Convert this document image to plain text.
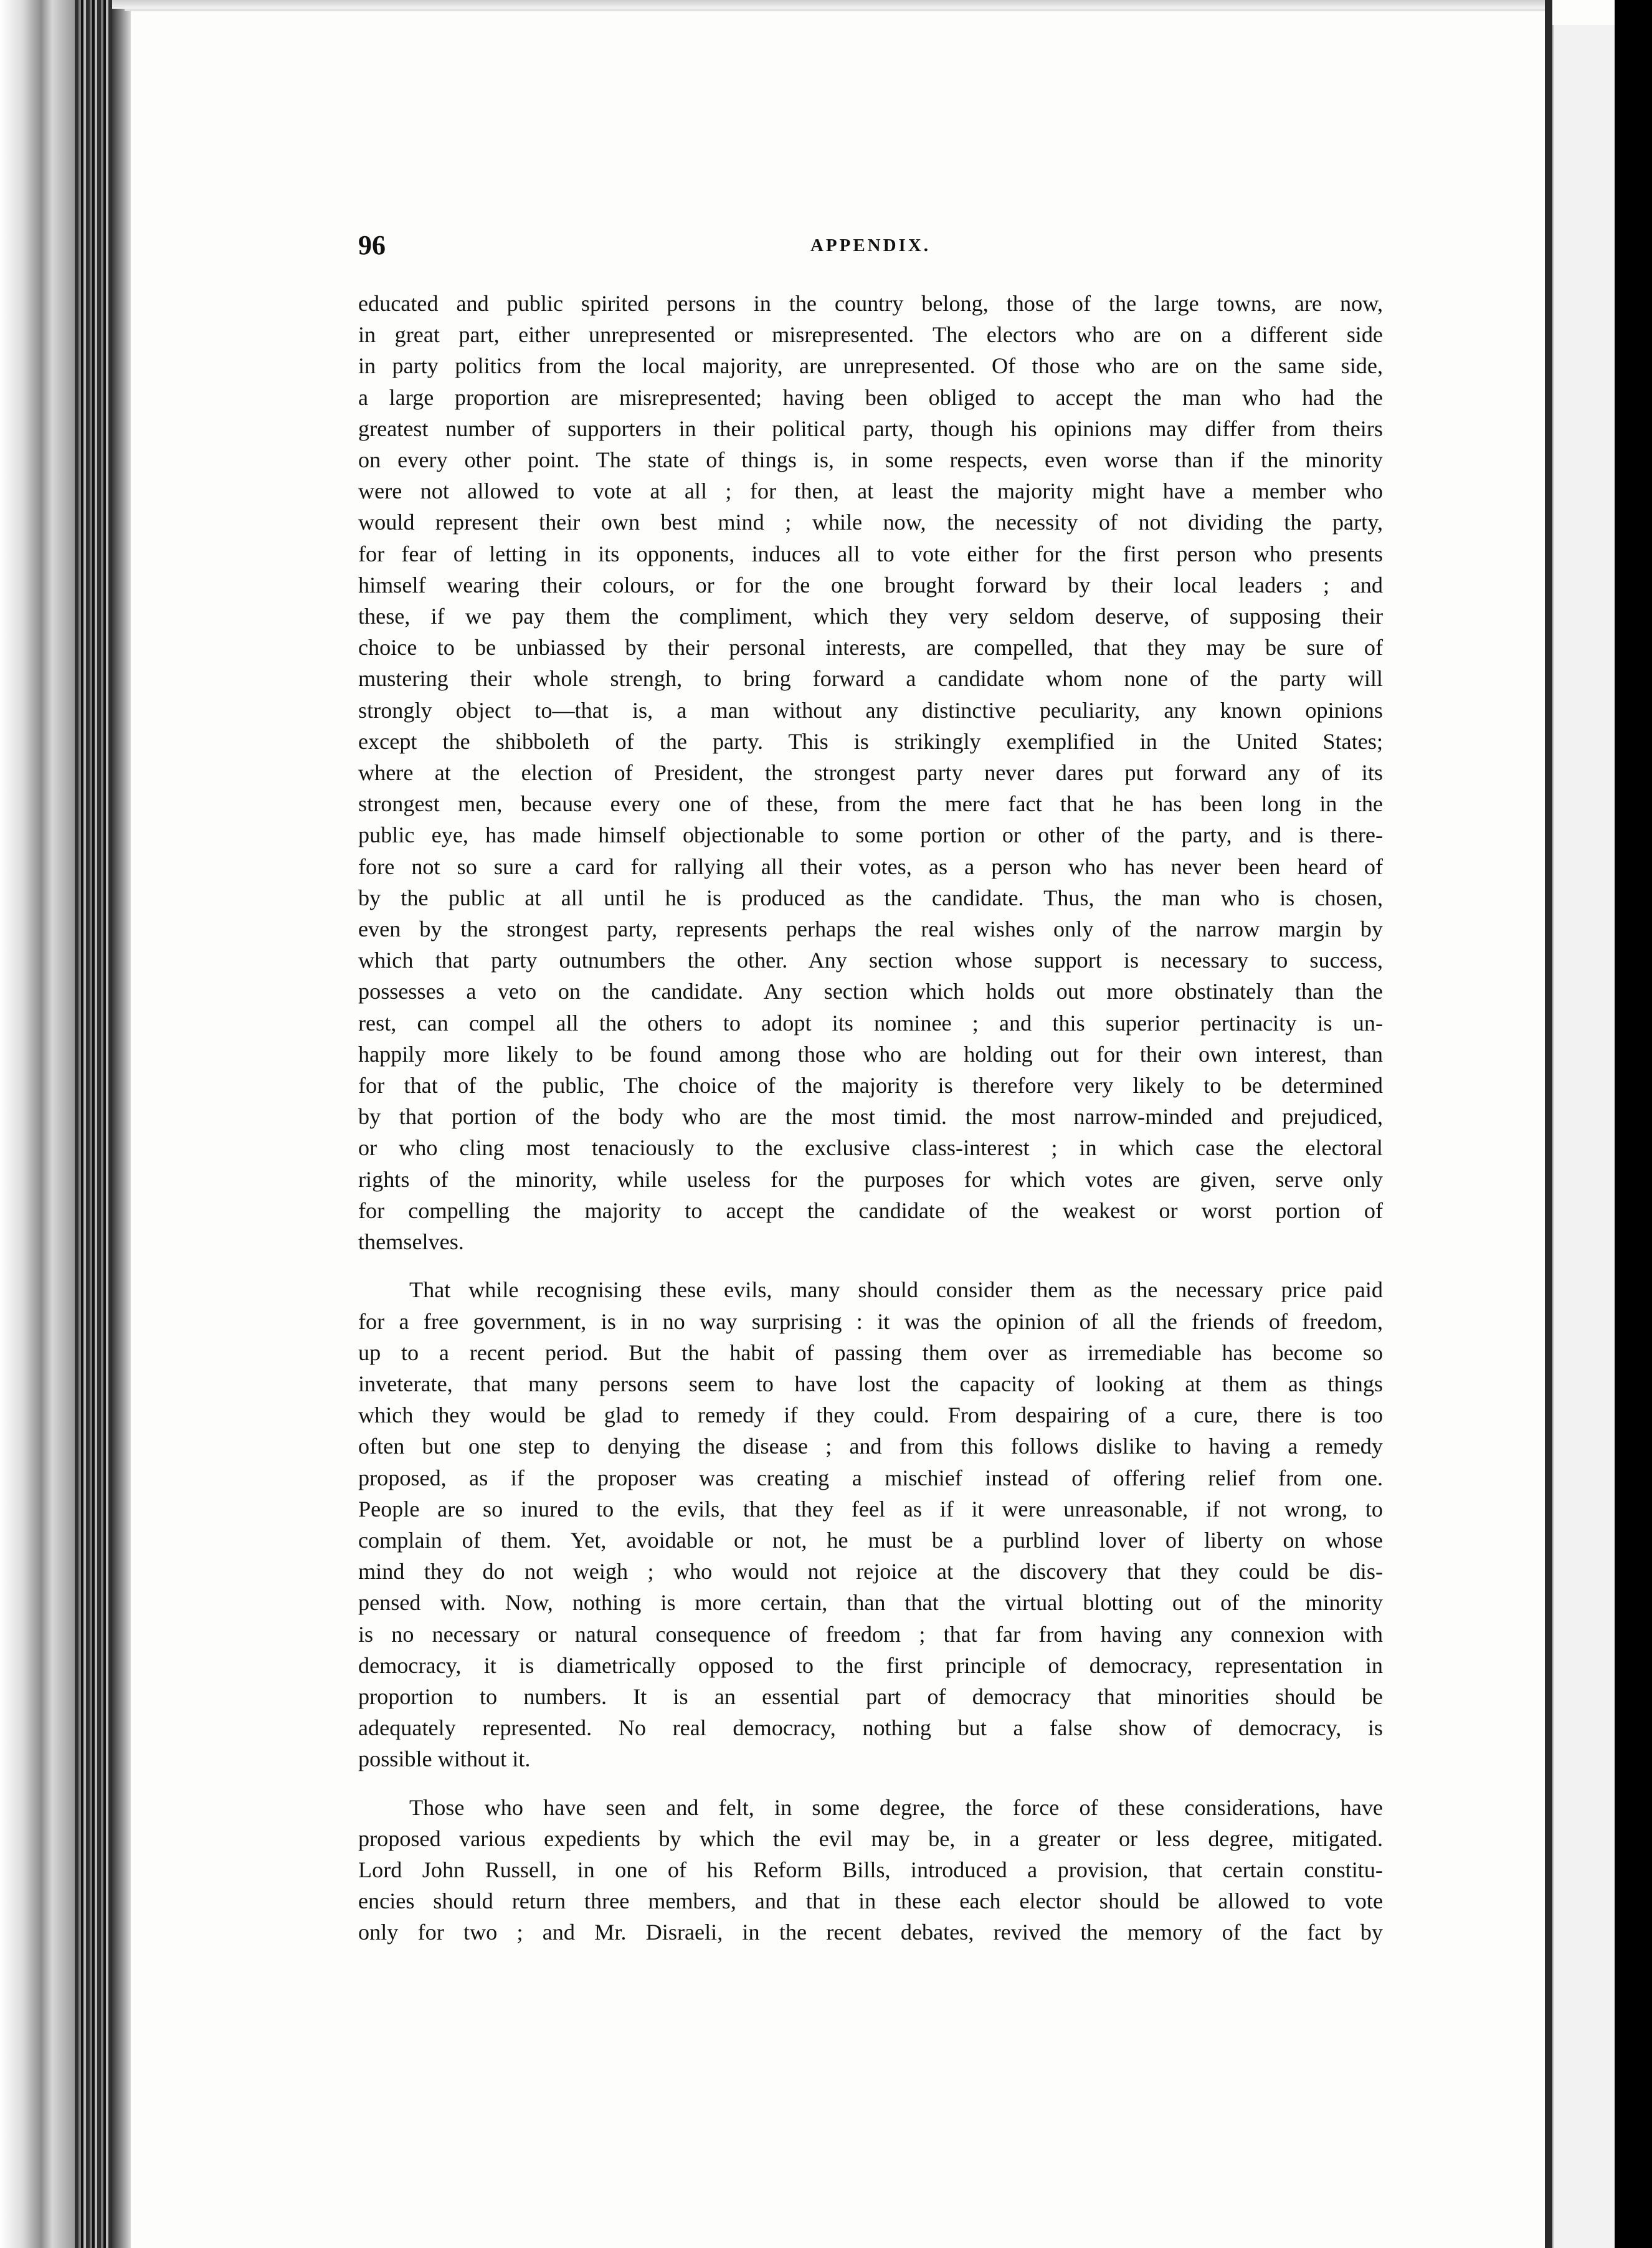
96	APPENDIX.
educated and public spirited persons in the country belong, those of the large towns, are now,
in great part, either unrepresented or misrepresented. The electors who are on a different side
in party politics from the local majority, are unrepresented. Of those who are on the same side,
a large proportion are misrepresented; having been obliged to accept the man who had the
greatest number of supporters in their political party, though his opinions may differ from theirs
on every other point. The state of things is, in some respects, even worse than if the minority
were not allowed to vote at all ; for then, at least the majority might have a member who
would represent their own best mind ; while now, the necessity of not dividing the party,
for fear of letting in its opponents, induces all to vote either for the first person who presents
himself wearing their colours, or for the one brought forward by their local leaders ; and
these, if we pay them the compliment, which they very seldom deserve, of supposing their
choice to be unbiassed by their personal interests, are compelled, that they may be sure of
mustering their whole strengh, to bring forward a candidate whom none of the party will
strongly object to—that is, a man without any distinctive peculiarity, any known opinions
except the shibboleth of the party. This is strikingly exemplified in the United States;
where at the election of President, the strongest party never dares put forward any of its
strongest men, because every one of these, from the mere fact that he has been long in the
public eye, has made himself objectionable to some portion or other of the party, and is there-
fore not so sure a card for rallying all their votes, as a person who has never been heard of
by the public at all until he is produced as the candidate. Thus, the man who is chosen,
even by the strongest party, represents perhaps the real wishes only of the narrow margin by
which that party outnumbers the other. Any section whose support is necessary to success,
possesses a veto on the candidate. Any section which holds out more obstinately than the
rest, can compel all the others to adopt its nominee ; and this superior pertinacity is un-
happily more likely to be found among those who are holding out for their own interest, than
for that of the public, The choice of the majority is therefore very likely to be determined
by that portion of the body who are the most timid. the most narrow-minded and prejudiced,
or who cling most tenaciously to the exclusive class-interest ; in which case the electoral
rights of the minority, while useless for the purposes for which votes are given, serve only
for compelling the majority to accept the candidate of the weakest or worst portion of
themselves.
That while recognising these evils, many should consider them as the necessary price paid
for a free government, is in no way surprising : it was the opinion of all the friends of freedom,
up to a recent period. But the habit of passing them over as irremediable has become so
inveterate, that many persons seem to have lost the capacity of looking at them as things
which they would be glad to remedy if they could. From despairing of a cure, there is too
often but one step to denying the disease ; and from this follows dislike to having a remedy
proposed, as if the proposer was creating a mischief instead of offering relief from one.
People are so inured to the evils, that they feel as if it were unreasonable, if not wrong, to
complain of them. Yet, avoidable or not, he must be a purblind lover of liberty on whose
mind they do not weigh ; who would not rejoice at the discovery that they could be dis-
pensed with. Now, nothing is more certain, than that the virtual blotting out of the minority
is no necessary or natural consequence of freedom ; that far from having any connexion with
democracy, it is diametrically opposed to the first principle of democracy, representation in
proportion to numbers. It is an essential part of democracy that minorities should be
adequately represented. No real democracy, nothing but a false show of democracy, is
possible without it.
Those who have seen and felt, in some degree, the force of these considerations, have
proposed various expedients by which the evil may be, in a greater or less degree, mitigated.
Lord John Russell, in one of his Reform Bills, introduced a provision, that certain constitu-
encies should return three members, and that in these each elector should be allowed to vote
only for two ; and Mr. Disraeli, in the recent debates, revived the memory of the fact by
